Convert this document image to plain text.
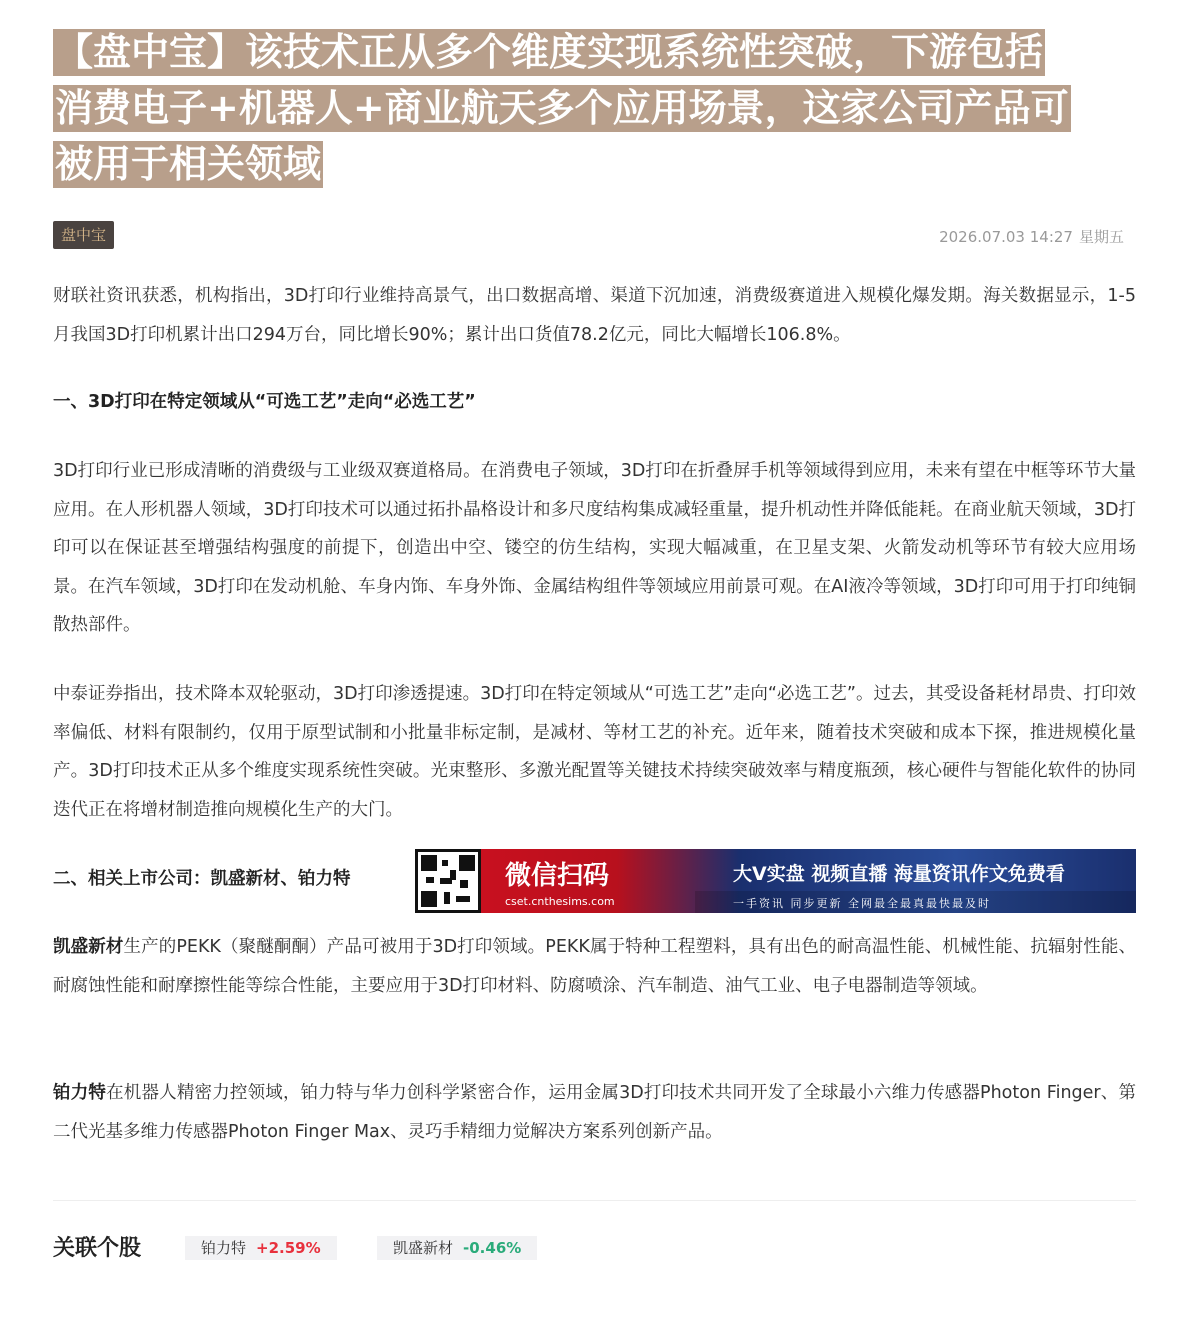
【盘中宝】该技术正从多个维度实现系统性突破，下游包括
消费电子+机器人+商业航天多个应用场景，这家公司产品可
被用于相关领域
盘中宝	2026.07.03 14:27 星期五

财联社资讯获悉，机构指出，3D打印行业维持高景气，出口数据高增、渠道下沉加速，消费级赛道进入规模化爆发期。海关数据显示，1-5月我国3D打印机累计出口294万台，同比增长90%；累计出口货值78.2亿元，同比大幅增长106.8%。

一、3D打印在特定领域从“可选工艺”走向“必选工艺”

3D打印行业已形成清晰的消费级与工业级双赛道格局。在消费电子领域，3D打印在折叠屏手机等领域得到应用，未来有望在中框等环节大量应用。在人形机器人领域，3D打印技术可以通过拓扑晶格设计和多尺度结构集成减轻重量，提升机动性并降低能耗。在商业航天领域，3D打印可以在保证甚至增强结构强度的前提下，创造出中空、镂空的仿生结构，实现大幅减重，在卫星支架、火箭发动机等环节有较大应用场景。在汽车领域，3D打印在发动机舱、车身内饰、车身外饰、金属结构组件等领域应用前景可观。在AI液冷等领域，3D打印可用于打印纯铜散热部件。

中泰证券指出，技术降本双轮驱动，3D打印渗透提速。3D打印在特定领域从“可选工艺”走向“必选工艺”。过去，其受设备耗材昂贵、打印效率偏低、材料有限制约，仅用于原型试制和小批量非标定制，是减材、等材工艺的补充。近年来，随着技术突破和成本下探，推进规模化量产。3D打印技术正从多个维度实现系统性突破。光束整形、多激光配置等关键技术持续突破效率与精度瓶颈，核心硬件与智能化软件的协同迭代正在将增材制造推向规模化生产的大门。

二、相关上市公司：凯盛新材、铂力特	微信扫码
cset.cnthesims.com
大V实盘 视频直播 海量资讯作文免费看
一手资讯 同步更新 全网最全最真最快最及时

凯盛新材生产的PEKK（聚醚酮酮）产品可被用于3D打印领域。PEKK属于特种工程塑料，具有出色的耐高温性能、机械性能、抗辐射性能、耐腐蚀性能和耐摩擦性能等综合性能，主要应用于3D打印材料、防腐喷涂、汽车制造、油气工业、电子电器制造等领域。

铂力特在机器人精密力控领域，铂力特与华力创科学紧密合作，运用金属3D打印技术共同开发了全球最小六维力传感器Photon Finger、第二代光基多维力传感器Photon Finger Max、灵巧手精细力觉解决方案系列创新产品。

关联个股	铂力特 +2.59%	凯盛新材 -0.46%
